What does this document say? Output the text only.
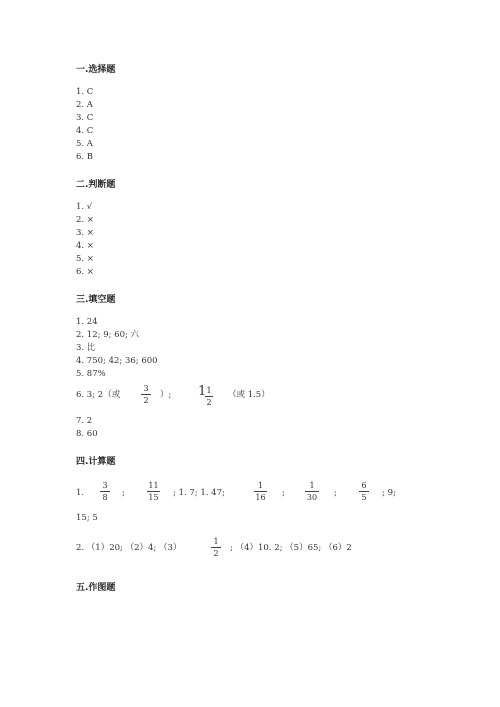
一.选择题
1. C
2. A
3. C
4. C
5. A
6. B
二.判断题
1. √
2. ×
3. ×
4. ×
5. ×
6. ×
三.填空题
1. 24
2. 12; 9; 60; 六
3. 比
4. 750; 42; 36; 600
5. 87%
6. 3; 2（或
3
2
）; 1 1
2
（或 1.5）
7. 2
8. 60
四.计算题
1.
3
8 ;
11
15 ; 1. 7; 1. 47;
1
16 ;
1
30 ;
6
5 ; 9;
15; 5
2. （1）20; （2）4; （3）
1
2
; （4）10. 2; （5）65; （6）2
五.作图题
